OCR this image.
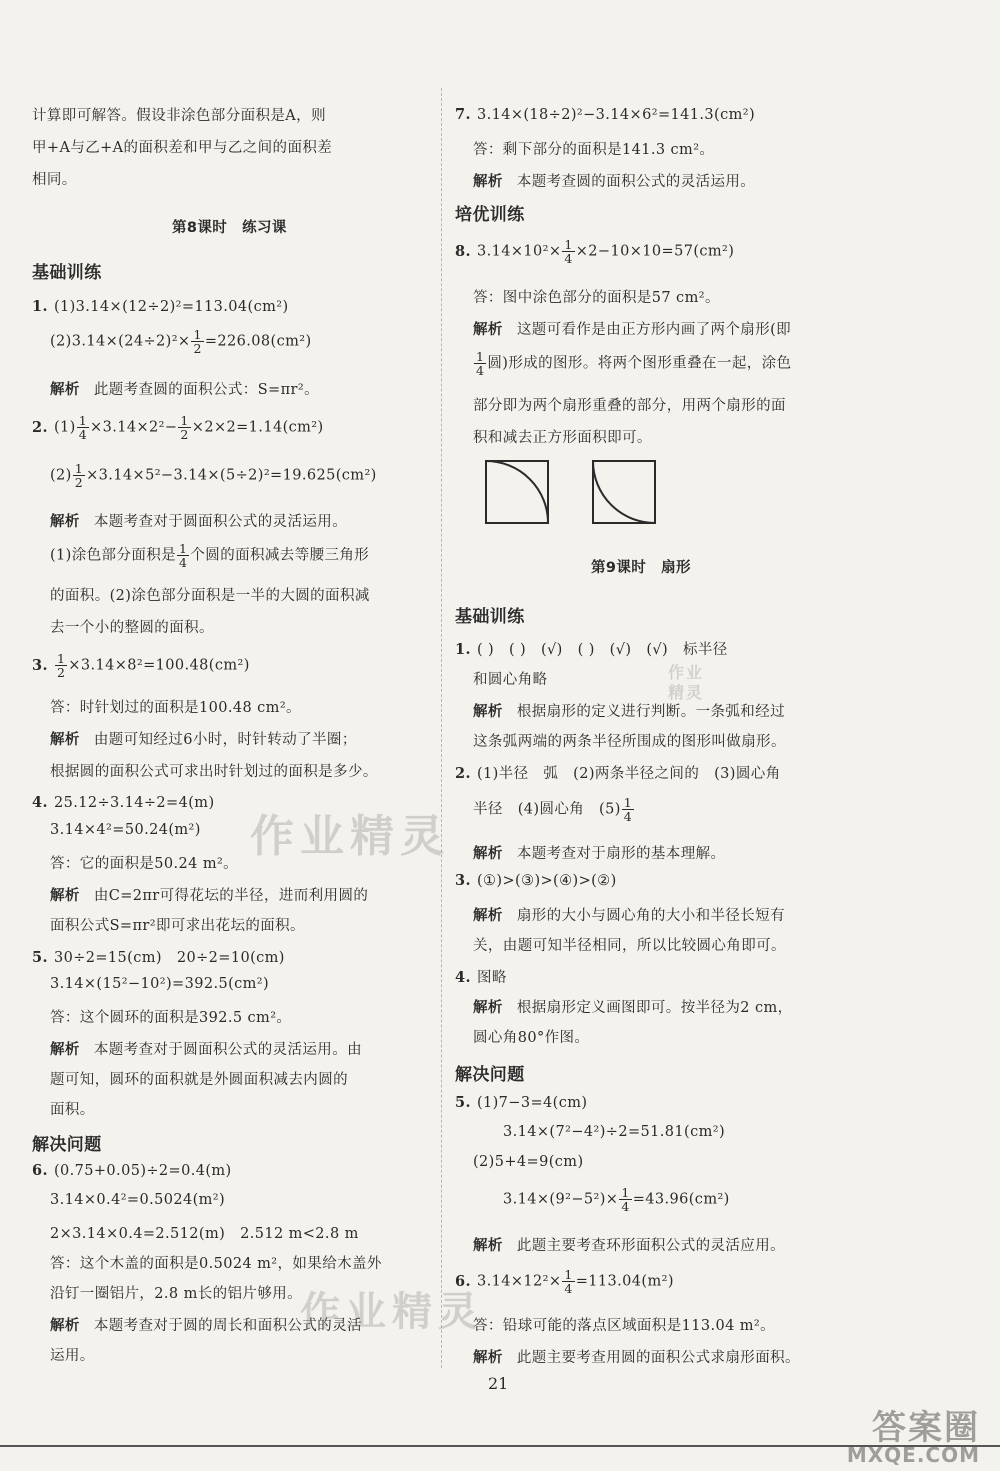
计算即可解答。假设非涂色部分面积是A，则
甲+A与乙+A的面积差和甲与乙之间的面积差
相同。
第8课时　练习课
基础训练
1. (1)3.14×(12÷2)²=113.04(cm²)
$(2)3.14\times(24\div 2)^2\times \frac{1}{2} =226.08(cm^2)$
解析 此题考查圆的面积公式：S=πr²。
2. $(1) \frac{1}{4} \times 3.14\times 2^2- \frac{1}{2} \times 2\times 2=1.14(cm^2)$
$(2) \frac{1}{2} \times 3.14\times 5^2-3.14\times(5\div 2)^2=19.625(cm^2)$
解析 本题考查对于圆面积公式的灵活运用。
(1)涂色部分面积是 $\frac{1}{4}$ 个圆的面积减去等腰三角形
的面积。(2)涂色部分面积是一半的大圆的面积减
去一个小的整圆的面积。
3. $\frac{1}{2} \times 3.14\times 8^2=100.48(cm^2)$
答：时针划过的面积是100.48 cm²。
解析 由题可知经过6小时，时针转动了半圈；
根据圆的面积公式可求出时针划过的面积是多少。
4. 25.12÷3.14÷2=4(m)
3.14×4²=50.24(m²)
答：它的面积是50.24 m²。
解析 由C=2πr可得花坛的半径，进而利用圆的
面积公式S=πr²即可求出花坛的面积。
5. 30÷2=15(cm)　20÷2=10(cm)
3.14×(15²−10²)=392.5(cm²)
答：这个圆环的面积是392.5 cm²。
解析 本题考查对于圆面积公式的灵活运用。由
题可知，圆环的面积就是外圆面积减去内圆的
面积。
解决问题
6. (0.75+0.05)÷2=0.4(m)
3.14×0.4²=0.5024(m²)
2×3.14×0.4=2.512(m)　2.512 m<2.8 m
答：这个木盖的面积是0.5024 m²，如果给木盖外
沿钉一圈铝片，2.8 m长的铝片够用。
解析 本题考查对于圆的周长和面积公式的灵活
运用。
7. 3.14×(18÷2)²−3.14×6²=141.3(cm²)
答：剩下部分的面积是141.3 cm²。
解析 本题考查圆的面积公式的灵活运用。
培优训练
8. $3.14\times 10^2\times \frac{1}{4} \times 2-10\times 10=57(cm^2)$
答：图中涂色部分的面积是57 cm²。
解析 这题可看作是由正方形内画了两个扇形(即
$\frac{1}{4}$ 圆)形成的图形。将两个图形重叠在一起，涂色
部分即为两个扇形重叠的部分，用两个扇形的面
积和减去正方形面积即可。
第9课时　扇形
基础训练
1. ( )　( )　(√)　( )　(√)　(√)　标半径
和圆心角略
解析 根据扇形的定义进行判断。一条弧和经过
这条弧两端的两条半径所围成的图形叫做扇形。
2. (1)半径　弧　(2)两条半径之间的　(3)圆心角
半径　(4)圆心角　$(5) \frac{1}{4}$
解析 本题考查对于扇形的基本理解。
3. (①)>(③)>(④)>(②)
解析 扇形的大小与圆心角的大小和半径长短有
关，由题可知半径相同，所以比较圆心角即可。
4. 图略
解析 根据扇形定义画图即可。按半径为2 cm，
圆心角80°作图。
解决问题
5. (1)7−3=4(cm)
3.14×(7²−4²)÷2=51.81(cm²)
(2)5+4=9(cm)
$3.14\times(9^2-5^2)\times \frac{1}{4} =43.96(cm^2)$
解析 此题主要考查环形面积公式的灵活应用。
6. $3.14\times 12^2\times \frac{1}{4} =113.04(m^2)$
答：铅球可能的落点区域面积是113.04 m²。
解析 此题主要考查用圆的面积公式求扇形面积。
作业精灵
作业精灵
作业
精灵
21
答案圈
MXQE.COM
